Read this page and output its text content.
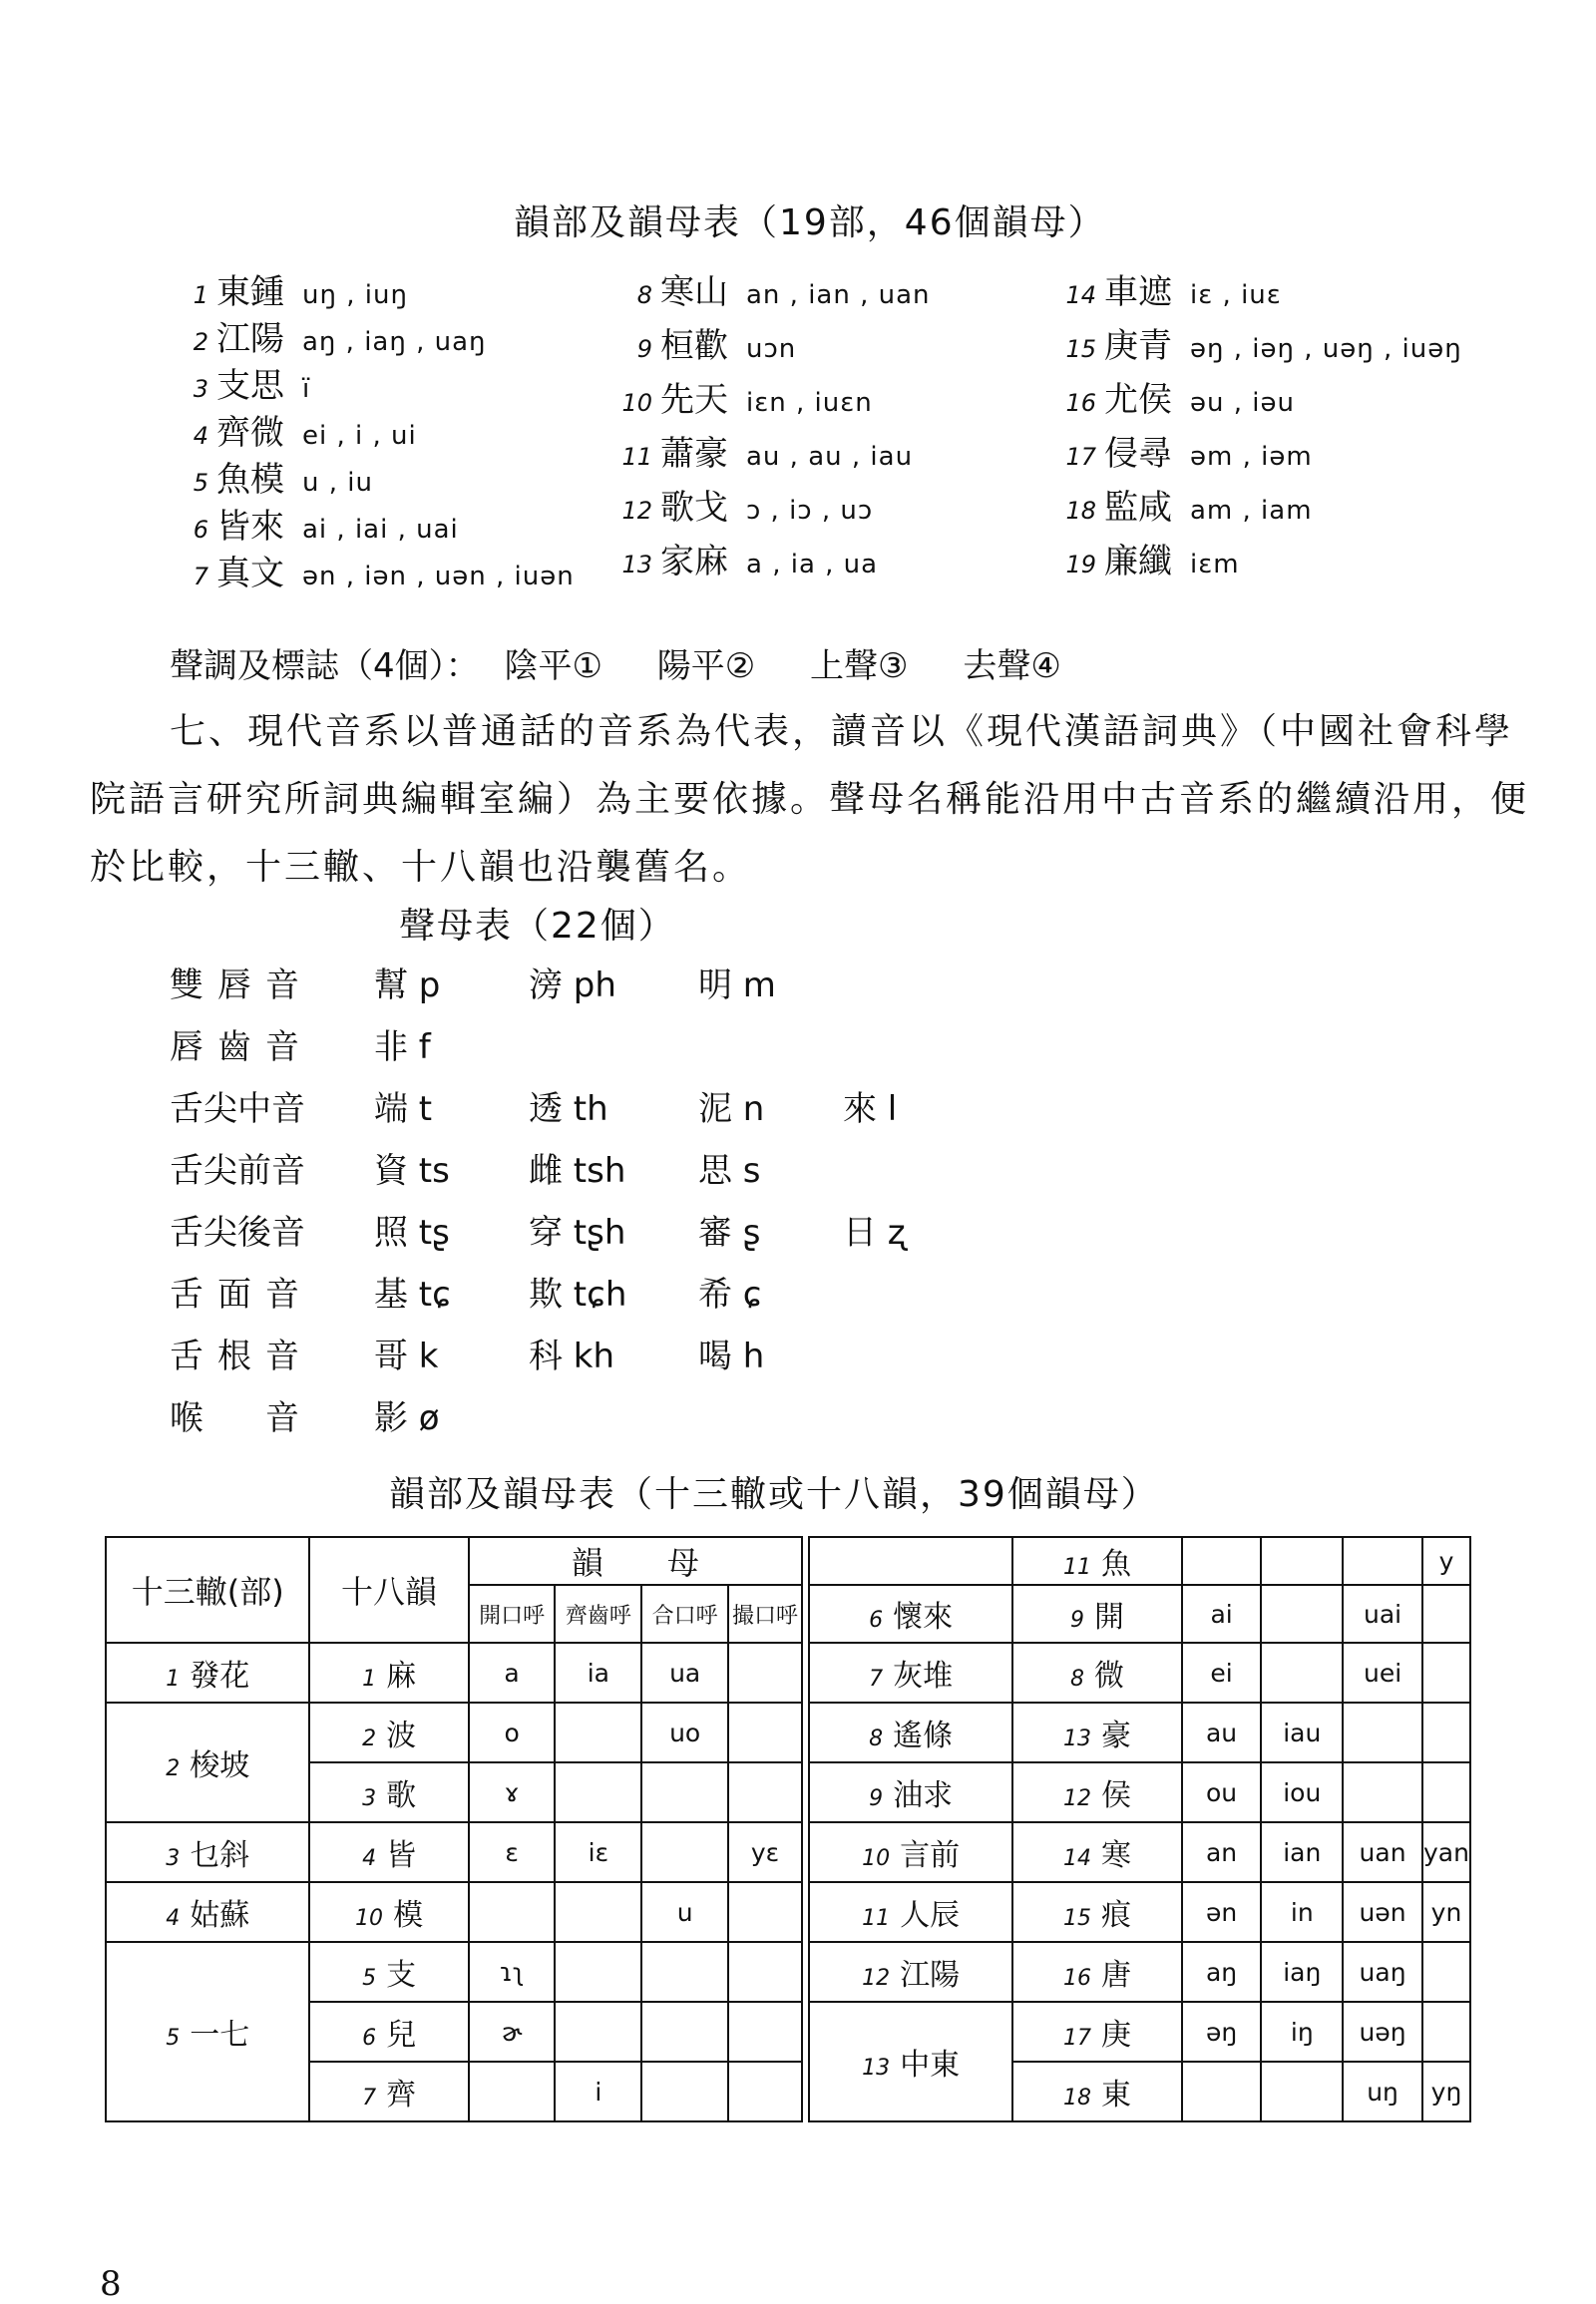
韻部及韻母表（19部，46個韻母）
1 東鍾 uŋ , iuŋ
2 江陽 aŋ , iaŋ , uaŋ
3 支思 ï
4 齊微 ei , i , ui
5 魚模 u , iu
6 皆來 ai , iai , uai
7 真文 ən , iən , uən , iuən
8 寒山 an , ian , uan
9 桓歡 uɔn
10 先天 iɛn , iuɛn
11 蕭豪 au , au , iau
12 歌戈 ɔ , iɔ , uɔ
13 家麻 a , ia , ua
14 車遮 iɛ , iuɛ
15 庚青 əŋ , iəŋ , uəŋ , iuəŋ
16 尤侯 əu , iəu
17 侵尋 əm , iəm
18 監咸 am , iam
19 廉纖 iɛm
聲調及標誌（4個）： 陰平① 陽平② 上聲③ 去聲④
七、現代音系以普通話的音系為代表，讀音以《現代漢語詞典》（中國社會科學院語言研究所詞典編輯室編）為主要依據。聲母名稱能沿用中古音系的繼續沿用，便於比較，十三轍、十八韻也沿襲舊名。
聲母表（22個）
雙唇音 幫 p	滂 ph 明 m
唇齒音 非 f
舌尖中音 端 t	透 th	泥 n 來 l
舌尖前音 資 ts 雌 tsh 思 s
舌尖後音 照 tʂ 穿 tʂh 審 ʂ 日 ʐ
舌面音 基 tɕ 欺 tɕh 希 ɕ
舌根音 哥 k	科 kh 喝 h
喉音 影 ø
韻部及韻母表（十三轍或十八韻，39個韻母）
十三轍(部)	十八韻	韻　　母			
		開口呼	齊齒呼	合口呼	撮口呼
1 發花	1 麻	a	ia	ua	
2 梭坡	2 波	o		uo	
	3 歌	ɤ			
3 乜斜	4 皆	ɛ	iɛ		yɛ
4 姑蘇	10 模			u	
5 一七	5 支	ɿʅ			
	6 兒	ɚ			
	7 齊		i		
	11 魚				y
6 懷來	9 開	ai		uai	
7 灰堆	8 微	ei		uei	
8 遙條	13 豪	au	iau		
9 油求	12 侯	ou	iou		
10 言前	14 寒	an	ian	uan	yan
11 人辰	15 痕	ən	in	uən	yn
12 江陽	16 唐	aŋ	iaŋ	uaŋ	
13 中東	17 庚	əŋ	iŋ	uəŋ	
	18 東			uŋ	yŋ
8
